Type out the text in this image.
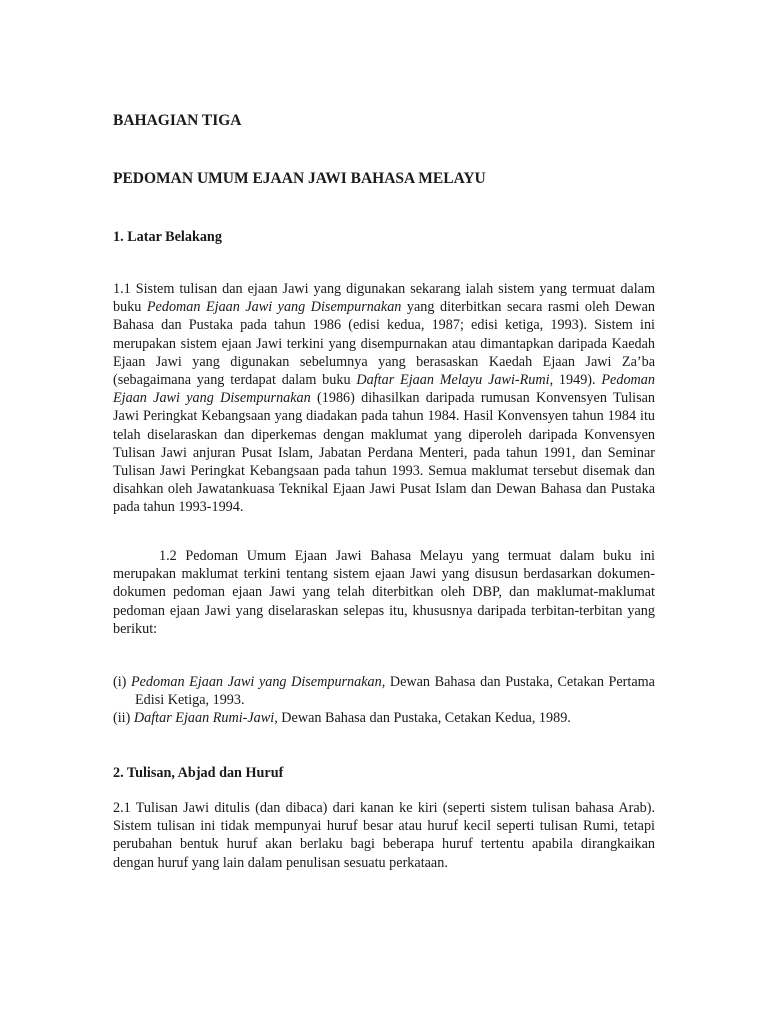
BAHAGIAN TIGA
PEDOMAN UMUM EJAAN JAWI BAHASA MELAYU
1. Latar Belakang
1.1 Sistem tulisan dan ejaan Jawi yang digunakan sekarang ialah sistem yang termuat dalam buku Pedoman Ejaan Jawi yang Disempurnakan yang diterbitkan secara rasmi oleh Dewan Bahasa dan Pustaka pada tahun 1986 (edisi kedua, 1987; edisi ketiga, 1993). Sistem ini merupakan sistem ejaan Jawi terkini yang disempurnakan atau dimantapkan daripada Kaedah Ejaan Jawi yang digunakan sebelumnya yang berasaskan Kaedah Ejaan Jawi Za’ba (sebagaimana yang terdapat dalam buku Daftar Ejaan Melayu Jawi-Rumi, 1949). Pedoman Ejaan Jawi yang Disempurnakan (1986) dihasilkan daripada rumusan Konvensyen Tulisan Jawi Peringkat Kebangsaan yang diadakan pada tahun 1984. Hasil Konvensyen tahun 1984 itu telah diselaraskan dan diperkemas dengan maklumat yang diperoleh daripada Konvensyen Tulisan Jawi anjuran Pusat Islam, Jabatan Perdana Menteri, pada tahun 1991, dan Seminar Tulisan Jawi Peringkat Kebangsaan pada tahun 1993. Semua maklumat tersebut disemak dan disahkan oleh Jawatankuasa Teknikal Ejaan Jawi Pusat Islam dan Dewan Bahasa dan Pustaka pada tahun 1993-1994.
1.2 Pedoman Umum Ejaan Jawi Bahasa Melayu yang termuat dalam buku ini merupakan maklumat terkini tentang sistem ejaan Jawi yang disusun berdasarkan dokumen-dokumen pedoman ejaan Jawi yang telah diterbitkan oleh DBP, dan maklumat-maklumat pedoman ejaan Jawi yang diselaraskan selepas itu, khususnya daripada terbitan-terbitan yang berikut:
(i) Pedoman Ejaan Jawi yang Disempurnakan, Dewan Bahasa dan Pustaka, Cetakan Pertama Edisi Ketiga, 1993.
(ii) Daftar Ejaan Rumi-Jawi, Dewan Bahasa dan Pustaka, Cetakan Kedua, 1989.
2. Tulisan, Abjad dan Huruf
2.1 Tulisan Jawi ditulis (dan dibaca) dari kanan ke kiri (seperti sistem tulisan bahasa Arab). Sistem tulisan ini tidak mempunyai huruf besar atau huruf kecil seperti tulisan Rumi, tetapi perubahan bentuk huruf akan berlaku bagi beberapa huruf tertentu apabila dirangkaikan dengan huruf yang lain dalam penulisan sesuatu perkataan.
